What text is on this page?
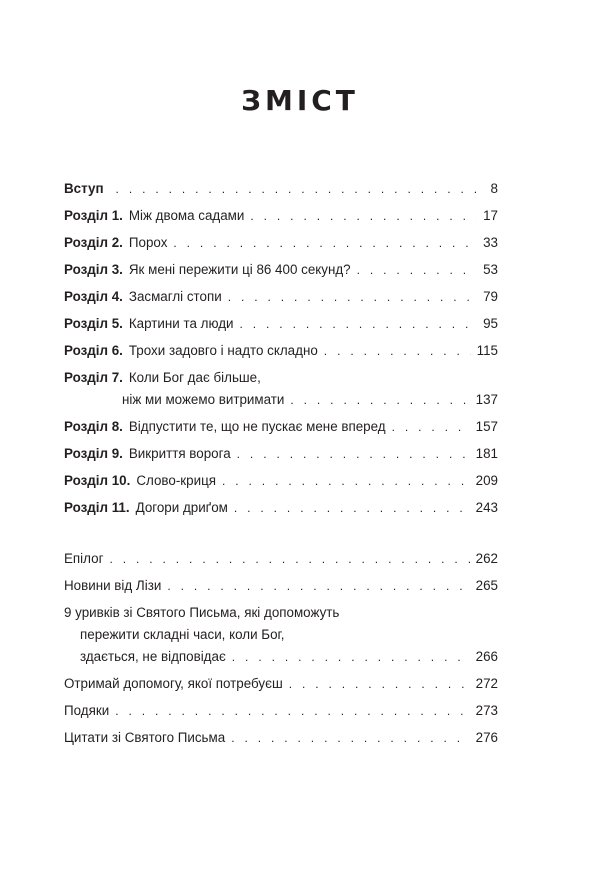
ЗМІСТ
Вступ . . .	8
Розділ 1. Між двома садами . . .	17
Розділ 2. Порох . . .	33
Розділ 3. Як мені пережити ці 86 400 секунд? . . .	53
Розділ 4. Засмаглі стопи . . .	79
Розділ 5. Картини та люди . . .	95
Розділ 6. Трохи задовго і надто складно . . .	115
Розділ 7. Коли Бог дає більше,
ніж ми можемо витримати . . .	137
Розділ 8. Відпустити те, що не пускає мене вперед . . .	157
Розділ 9. Викриття ворога . . .	181
Розділ 10. Слово-криця . . .	209
Розділ 11. Догори дриґом . . .	243
Епілог . . .	262
Новини від Лізи . . .	265
9 уривків зі Святого Письма, які допоможуть
пережити складні часи, коли Бог,
здається, не відповідає . . .	266
Отримай допомогу, якої потребуєш . . .	272
Подяки . . .	273
Цитати зі Святого Письма . . .	276
